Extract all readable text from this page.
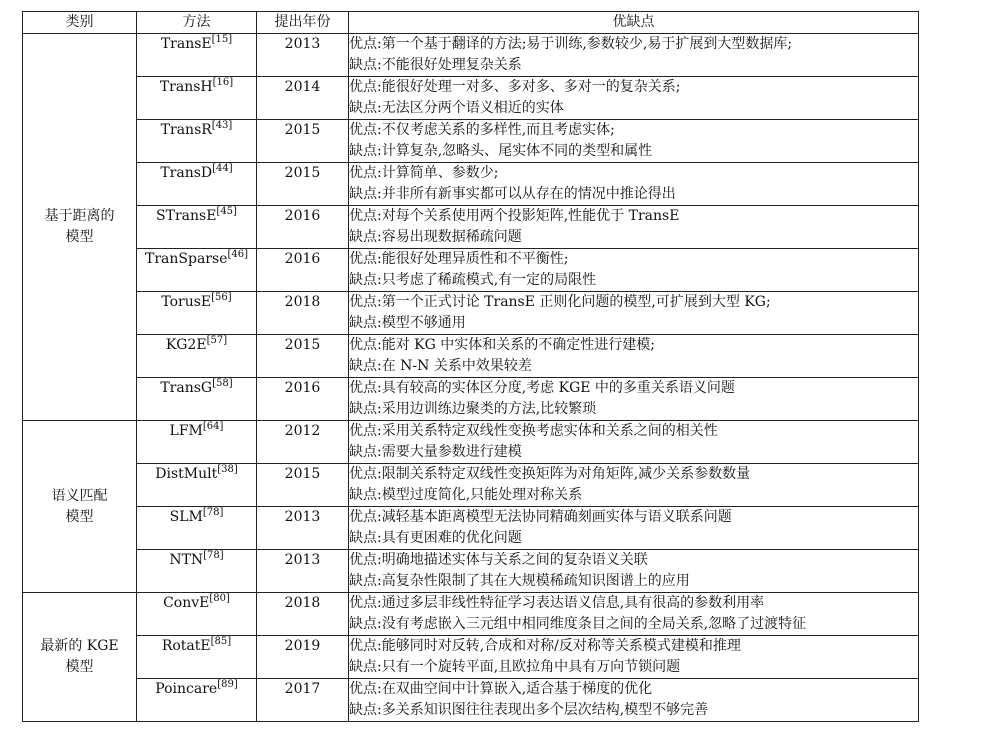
类别	方法	提出年份	优缺点

基于距离的
模型	TransE[15]	2013	优点:第一个基于翻译的方法;易于训练,参数较少,易于扩展到大型数据库;
缺点:不能很好处理复杂关系

	TransH[16]	2014	优点:能很好处理一对多、多对多、多对一的复杂关系;
缺点:无法区分两个语义相近的实体

	TransR[43]	2015	优点:不仅考虑关系的多样性,而且考虑实体;
缺点:计算复杂,忽略头、尾实体不同的类型和属性

	TransD[44]	2015	优点:计算简单、参数少;
缺点:并非所有新事实都可以从存在的情况中推论得出

	STransE[45]	2016	优点:对每个关系使用两个投影矩阵,性能优于 TransE
缺点:容易出现数据稀疏问题

	TranSparse[46]	2016	优点:能很好处理异质性和不平衡性;
缺点:只考虑了稀疏模式,有一定的局限性

	TorusE[56]	2018	优点:第一个正式讨论 TransE 正则化问题的模型,可扩展到大型 KG;
缺点:模型不够通用

	KG2E[57]	2015	优点:能对 KG 中实体和关系的不确定性进行建模;
缺点:在 N-N 关系中效果较差

	TransG[58]	2016	优点:具有较高的实体区分度,考虑 KGE 中的多重关系语义问题
缺点:采用边训练边聚类的方法,比较繁琐

语义匹配
模型	LFM[64]	2012	优点:采用关系特定双线性变换考虑实体和关系之间的相关性
缺点:需要大量参数进行建模

	DistMult[38]	2015	优点:限制关系特定双线性变换矩阵为对角矩阵,减少关系参数数量
缺点:模型过度简化,只能处理对称关系

	SLM[78]	2013	优点:减轻基本距离模型无法协同精确刻画实体与语义联系问题
缺点:具有更困难的优化问题

	NTN[78]	2013	优点:明确地描述实体与关系之间的复杂语义关联
缺点:高复杂性限制了其在大规模稀疏知识图谱上的应用

最新的 KGE
模型	ConvE[80]	2018	优点:通过多层非线性特征学习表达语义信息,具有很高的参数利用率
缺点:没有考虑嵌入三元组中相同维度条目之间的全局关系,忽略了过渡特征

	RotatE[85]	2019	优点:能够同时对反转,合成和对称/反对称等关系模式建模和推理
缺点:只有一个旋转平面,且欧拉角中具有万向节锁问题

	Poincare[89]	2017	优点:在双曲空间中计算嵌入,适合基于梯度的优化
缺点:多关系知识图往往表现出多个层次结构,模型不够完善
